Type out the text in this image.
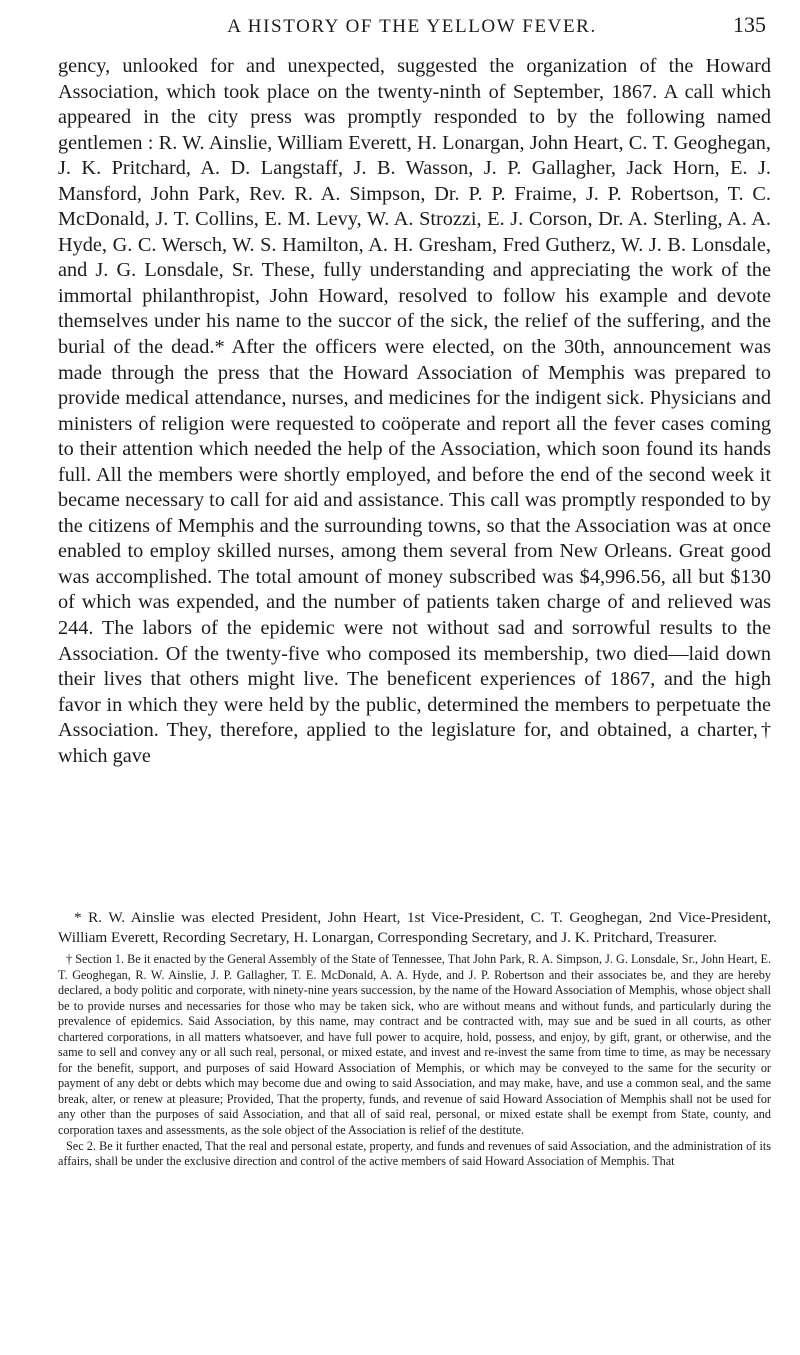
A HISTORY OF THE YELLOW FEVER.	135

gency, unlooked for and unexpected, suggested the organization of the Howard Association, which took place on the twenty-ninth of September, 1867. A call which appeared in the city press was promptly responded to by the following named gentlemen : R. W. Ainslie, William Everett, H. Lonargan, John Heart, C. T. Geoghegan, J. K. Pritchard, A. D. Langstaff, J. B. Wasson, J. P. Gallagher, Jack Horn, E. J. Mansford, John Park, Rev. R. A. Simpson, Dr. P. P. Fraime, J. P. Robertson, T. C. McDonald, J. T. Collins, E. M. Levy, W. A. Strozzi, E. J. Corson, Dr. A. Sterling, A. A. Hyde, G. C. Wersch, W. S. Hamilton, A. H. Gresham, Fred Gutherz, W. J. B. Lonsdale, and J. G. Lonsdale, Sr. These, fully understanding and appreciating the work of the immortal philanthropist, John Howard, resolved to follow his example and devote themselves under his name to the succor of the sick, the relief of the suffering, and the burial of the dead.* After the officers were elected, on the 30th, announcement was made through the press that the Howard Association of Memphis was prepared to provide medical attendance, nurses, and medicines for the indigent sick. Physicians and ministers of religion were requested to coöperate and report all the fever cases coming to their attention which needed the help of the Association, which soon found its hands full. All the members were shortly employed, and before the end of the second week it became necessary to call for aid and assistance. This call was promptly responded to by the citizens of Memphis and the surrounding towns, so that the Association was at once enabled to employ skilled nurses, among them several from New Orleans. Great good was accomplished. The total amount of money subscribed was $4,996.56, all but $130 of which was expended, and the number of patients taken charge of and relieved was 244. The labors of the epidemic were not without sad and sorrowful results to the Association. Of the twenty-five who composed its membership, two died—laid down their lives that others might live. The beneficent experiences of 1867, and the high favor in which they were held by the public, determined the members to perpetuate the Association. They, therefore, applied to the legislature for, and obtained, a charter,† which gave

* R. W. Ainslie was elected President, John Heart, 1st Vice-President, C. T. Geoghegan, 2nd Vice-President, William Everett, Recording Secretary, H. Lonargan, Corresponding Secretary, and J. K. Pritchard, Treasurer.

† Section 1. Be it enacted by the General Assembly of the State of Tennessee, That John Park, R. A. Simpson, J. G. Lonsdale, Sr., John Heart, E. T. Geoghegan, R. W. Ainslie, J. P. Gallagher, T. E. McDonald, A. A. Hyde, and J. P. Robertson and their associates be, and they are hereby declared, a body politic and corporate, with ninety-nine years succession, by the name of the Howard Association of Memphis, whose object shall be to provide nurses and necessaries for those who may be taken sick, who are without means and without funds, and particularly during the prevalence of epidemics. Said Association, by this name, may contract and be contracted with, may sue and be sued in all courts, as other chartered corporations, in all matters whatsoever, and have full power to acquire, hold, possess, and enjoy, by gift, grant, or otherwise, and the same to sell and convey any or all such real, personal, or mixed estate, and invest and re-invest the same from time to time, as may be necessary for the benefit, support, and purposes of said Howard Association of Memphis, or which may be conveyed to the same for the security or payment of any debt or debts which may become due and owing to said Association, and may make, have, and use a common seal, and the same break, alter, or renew at pleasure; Provided, That the property, funds, and revenue of said Howard Association of Memphis shall not be used for any other than the purposes of said Association, and that all of said real, personal, or mixed estate shall be exempt from State, county, and corporation taxes and assessments, as the sole object of the Association is relief of the destitute.

Sec 2. Be it further enacted, That the real and personal estate, property, and funds and revenues of said Association, and the administration of its affairs, shall be under the exclusive direction and control of the active members of said Howard Association of Memphis. That
